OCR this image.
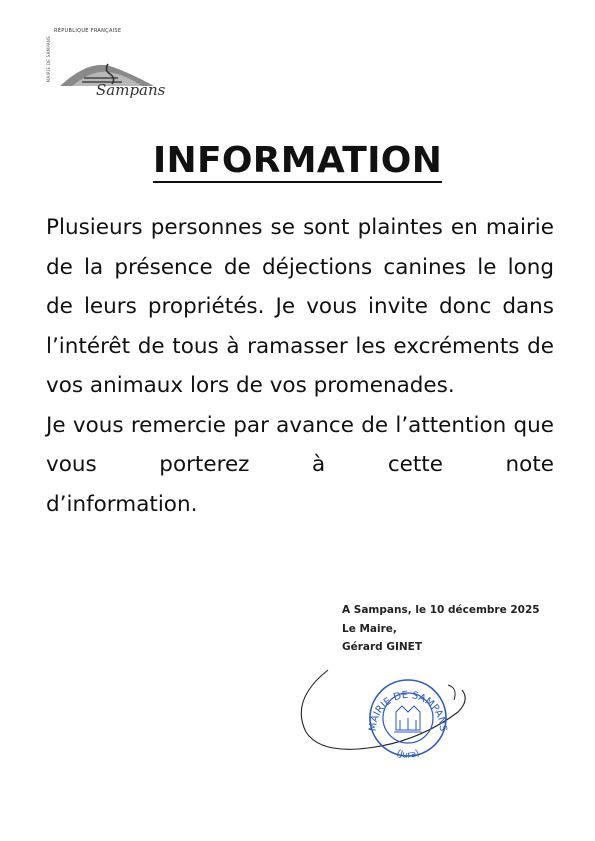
RÉPUBLIQUE FRANÇAISE
MAIRIE DE SAMPANS
Sampans
INFORMATION

Plusieurs personnes se sont plaintes en mairie de la présence de déjections canines le long de leurs propriétés. Je vous invite donc dans l’intérêt de tous à ramasser les excréments de vos animaux lors de vos promenades.

Je vous remercie par avance de l’attention que vous porterez à cette note

d’information.

A Sampans, le 10 décembre 2025
Le Maire,
Gérard GINET
MAIRIE DE SAMPANS
(Jura)
